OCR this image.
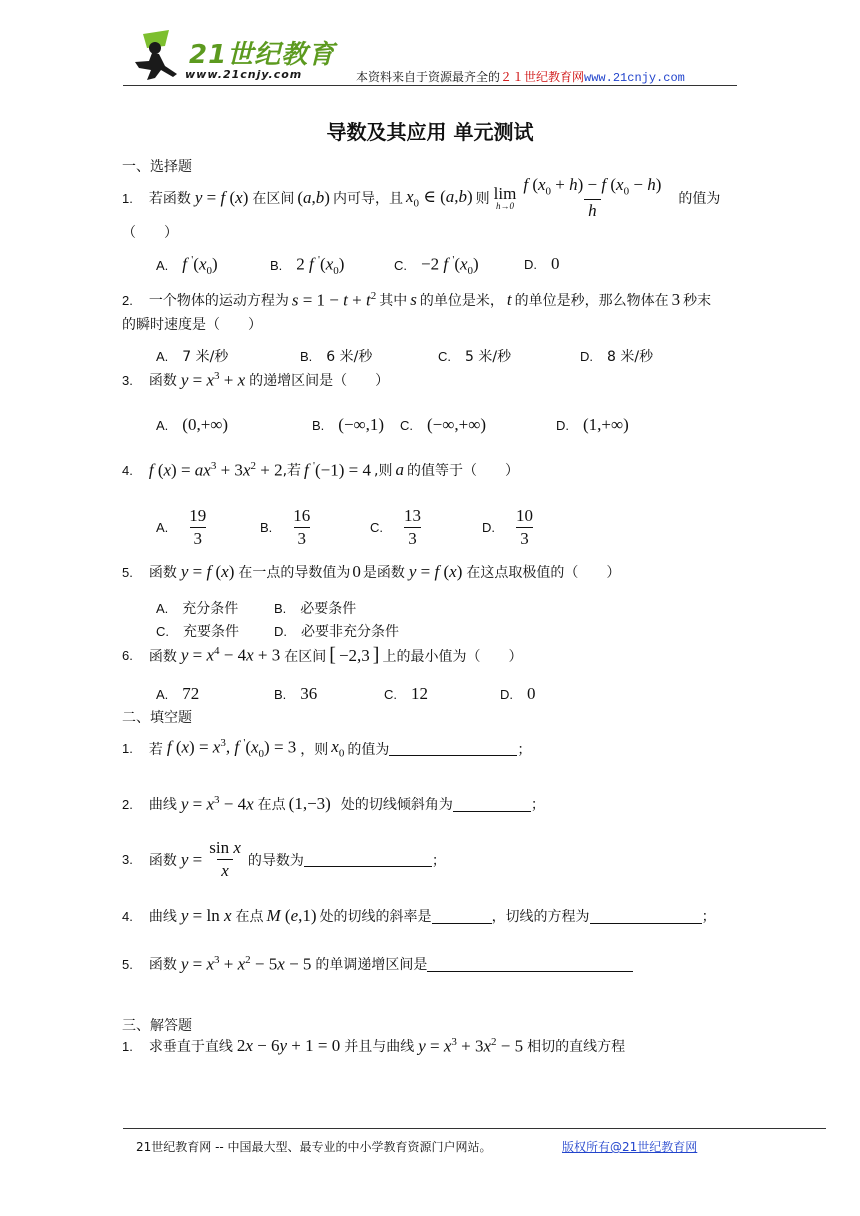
21世纪教育
www.21cnjy.com	本资料来自于资源最齐全的２１世纪教育网www.21cnjy.com
导数及其应用 单元测试
一、选择题
1. 若函数 y = f (x) 在区间 (a,b) 内可导，且 $x_0$ ∈ (a,b) 则 lim
$h\to 0 \frac{f (x_0 + h) - f (x_0 - h)}{h}$ 的值为
（　　）
A. f $'(x_0)$	B. 2 f $'(x_0)$	C. −2 f $'(x_0)$	D. 0
2. 一个物体的运动方程为 $s = 1 - t + t^2$ 其中 s 的单位是米， t 的单位是秒，那么物体在 3 秒末
的瞬时速度是（　　）
A. 7 米/秒	B. 6 米/秒	C. 5 米/秒	D. 8 米/秒
3. 函数 $y = x^3 + x$ 的递增区间是（　　）
A. (0,+∞)	B. (−∞,1) C. (−∞,+∞)	D. (1,+∞)
4. f $(x) = ax^3 + 3x^2 + 2$ ,若 f '(−1) = 4 ,则 a 的值等于（　　）
A. $\frac{19}{3}$	B. $\frac{16}{3}$	C. $\frac{13}{3}$	D. $\frac{10}{3}$
5. 函数 y = f (x) 在一点的导数值为 0 是函数 y = f (x) 在这点取极值的（　　）
A. 充分条件	B. 必要条件
C. 充要条件	D. 必要非充分条件
6. 函数 $y = x^4 - 4x + 3$ 在区间 [ −2,3 ] 上的最小值为（　　）
A. 72	B. 36	C. 12	D. 0
二、填空题
1. 若 f $(x) = x^3$, f $'(x_0) = 3$ ，则 $x_0$ 的值为	；
2. 曲线 $y = x^3 - 4x$ 在点 (1,−3) 处的切线倾斜角为	；
3. 函数 $y = \frac{\text{sin x}}{x}$ 的导数为	；
4. 曲线 y = ln x 在点 M (e,1) 处的切线的斜率是	，切线的方程为	；
5. 函数 $y = x^3 + x^2 - 5x - 5$ 的单调递增区间是
三、解答题
1. 求垂直于直线 2x − 6y + 1 = 0 并且与曲线 $y = x^3 + 3x^2 - 5$ 相切的直线方程
21世纪教育网 -- 中国最大型、最专业的中小学教育资源门户网站。	版权所有@21世纪教育网
